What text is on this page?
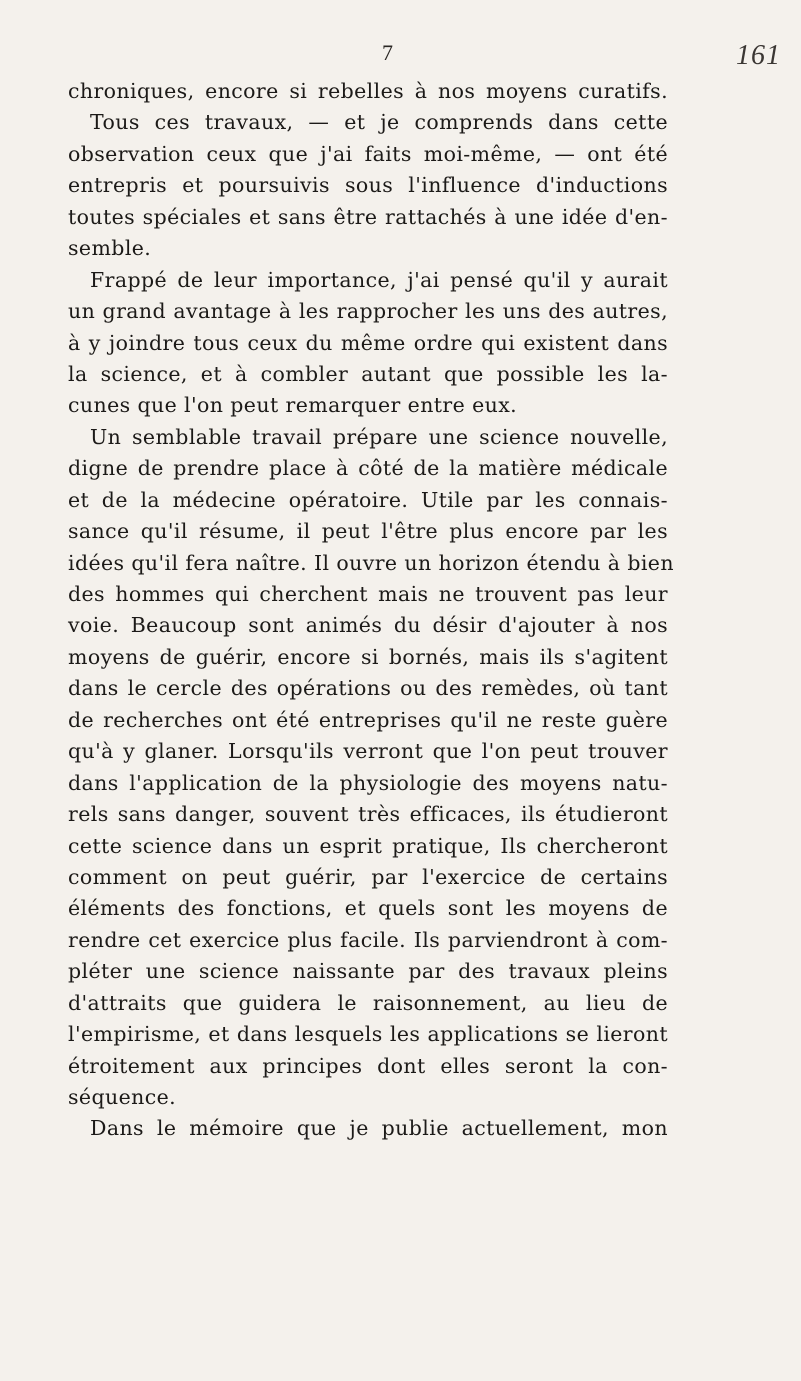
7	161
chroniques, encore si rebelles à nos moyens curatifs.
Tous ces travaux, — et je comprends dans cette
observation ceux que j'ai faits moi-même, — ont été
entrepris et poursuivis sous l'influence d'inductions
toutes spéciales et sans être rattachés à une idée d'en-
semble.
Frappé de leur importance, j'ai pensé qu'il y aurait
un grand avantage à les rapprocher les uns des autres,
à y joindre tous ceux du même ordre qui existent dans
la science, et à combler autant que possible les la-
cunes que l'on peut remarquer entre eux.
Un semblable travail prépare une science nouvelle,
digne de prendre place à côté de la matière médicale
et de la médecine opératoire. Utile par les connais-
sance qu'il résume, il peut l'être plus encore par les
idées qu'il fera naître. Il ouvre un horizon étendu à bien
des hommes qui cherchent mais ne trouvent pas leur
voie. Beaucoup sont animés du désir d'ajouter à nos
moyens de guérir, encore si bornés, mais ils s'agitent
dans le cercle des opérations ou des remèdes, où tant
de recherches ont été entreprises qu'il ne reste guère
qu'à y glaner. Lorsqu'ils verront que l'on peut trouver
dans l'application de la physiologie des moyens natu-
rels sans danger, souvent très efficaces, ils étudieront
cette science dans un esprit pratique, Ils chercheront
comment on peut guérir, par l'exercice de certains
éléments des fonctions, et quels sont les moyens de
rendre cet exercice plus facile. Ils parviendront à com-
pléter une science naissante par des travaux pleins
d'attraits que guidera le raisonnement, au lieu de
l'empirisme, et dans lesquels les applications se lieront
étroitement aux principes dont elles seront la con-
séquence.
Dans le mémoire que je publie actuellement, mon
